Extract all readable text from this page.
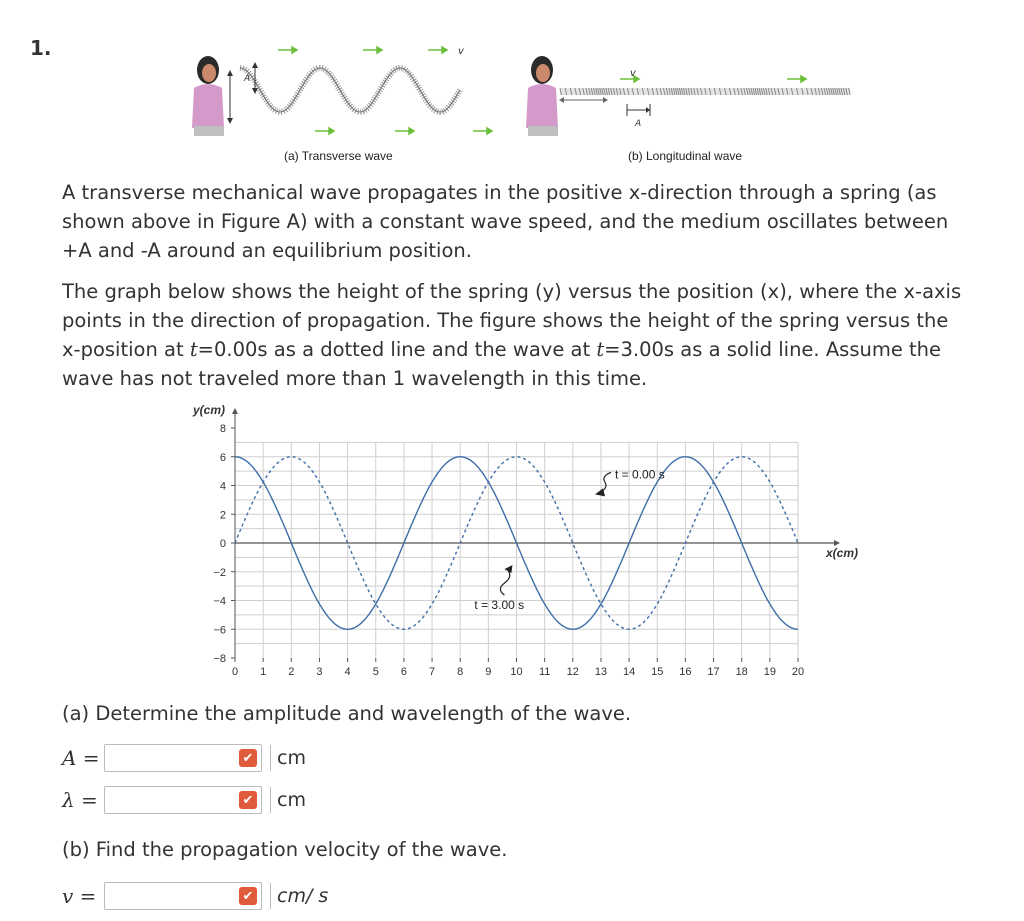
1.
A
v
v
A
(a) Transverse wave	(b) Longitudinal wave
A transverse mechanical wave propagates in the positive x-direction through a spring (as shown above in Figure A) with a constant wave speed, and the medium oscillates between +A and -A around an equilibrium position.
The graph below shows the height of the spring (y) versus the position (x), where the x-axis points in the direction of propagation. The figure shows the height of the spring versus the x-position at t=0.00s as a dotted line and the wave at t=3.00s as a solid line. Assume the wave has not traveled more than 1 wavelength in this time.
8
6
4
2
0
−2
−4
−6
−8
0 1 2 3 4 5 6 7 8 9 10 11 12 13 14 15 16 17 18 19 20
y(cm)
x(cm)
t = 0.00 s
t = 3.00 s
(a) Determine the amplitude and wavelength of the wave.
A =	✔	cm
λ =	✔	cm
(b) Find the propagation velocity of the wave.
v =	✔	cm/ s
